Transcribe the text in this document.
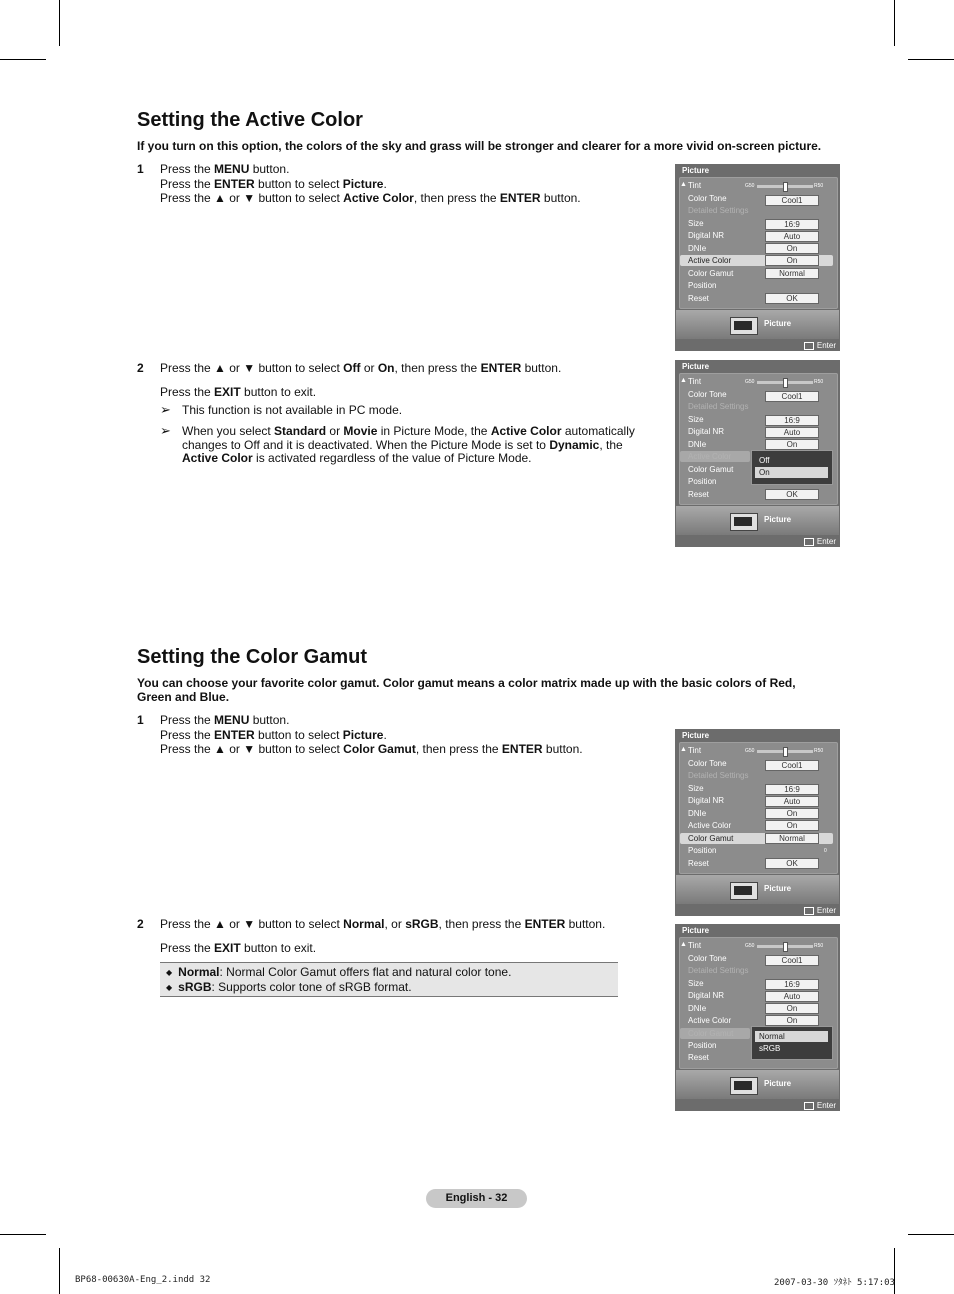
Setting the Active Color

If you turn on this option, the colors of the sky and grass will be stronger and clearer for a more vivid on-screen picture.

1 Press the MENU button.
Press the ENTER button to select Picture.
Press the ▲ or ▼ button to select Active Color, then press the ENTER button.
2 Press the ▲ or ▼ button to select Off or On, then press the ENTER button.
Press the EXIT button to exit.
➢ This function is not available in PC mode.
➢ When you select Standard or Movie in Picture Mode, the Active Color automatically
changes to Off and it is deactivated. When the Picture Mode is set to Dynamic, the
Active Color is activated regardless of the value of Picture Mode.
Picture
▲ Tint	G50	R50
Color Tone	Cool1
Detailed Settings
Size	16:9
Digital NR	Auto
DNIe	On
Active Color	On
Color Gamut	Normal
Position
Reset	OK
Picture
Enter
Picture
▲ Tint	G50	R50
Color Tone	Cool1
Detailed Settings
Size	16:9
Digital NR	Auto
DNIe	On
Active Color
Color Gamut
Position
Reset	OK
Off
On
Picture
Enter
Setting the Color Gamut

You can choose your favorite color gamut. Color gamut means a color matrix made up with the basic colors of Red, Green and Blue.

1 Press the MENU button.
Press the ENTER button to select Picture.
Press the ▲ or ▼ button to select Color Gamut, then press the ENTER button.
2 Press the ▲ or ▼ button to select Normal, or sRGB, then press the ENTER button.
Press the EXIT button to exit.
◆ Normal: Normal Color Gamut offers flat and natural color tone.
◆ sRGB: Supports color tone of sRGB format.
Picture
▲ Tint	G50	R50
Color Tone	Cool1
Detailed Settings
Size	16:9
Digital NR	Auto
DNIe	On
Active Color	On
Color Gamut	Normal
Position	0
Reset	OK
Picture
Enter
Picture
▲ Tint	G50	R50
Color Tone	Cool1
Detailed Settings
Size	16:9
Digital NR	Auto
DNIe	On
Active Color	On
Color Gamut
Position
Reset
Normal
sRGB
Picture
Enter
English - 32
BP68-00630A-Eng_2.indd 32	2007-03-30 ｿﾀﾈﾄ 5:17:03
